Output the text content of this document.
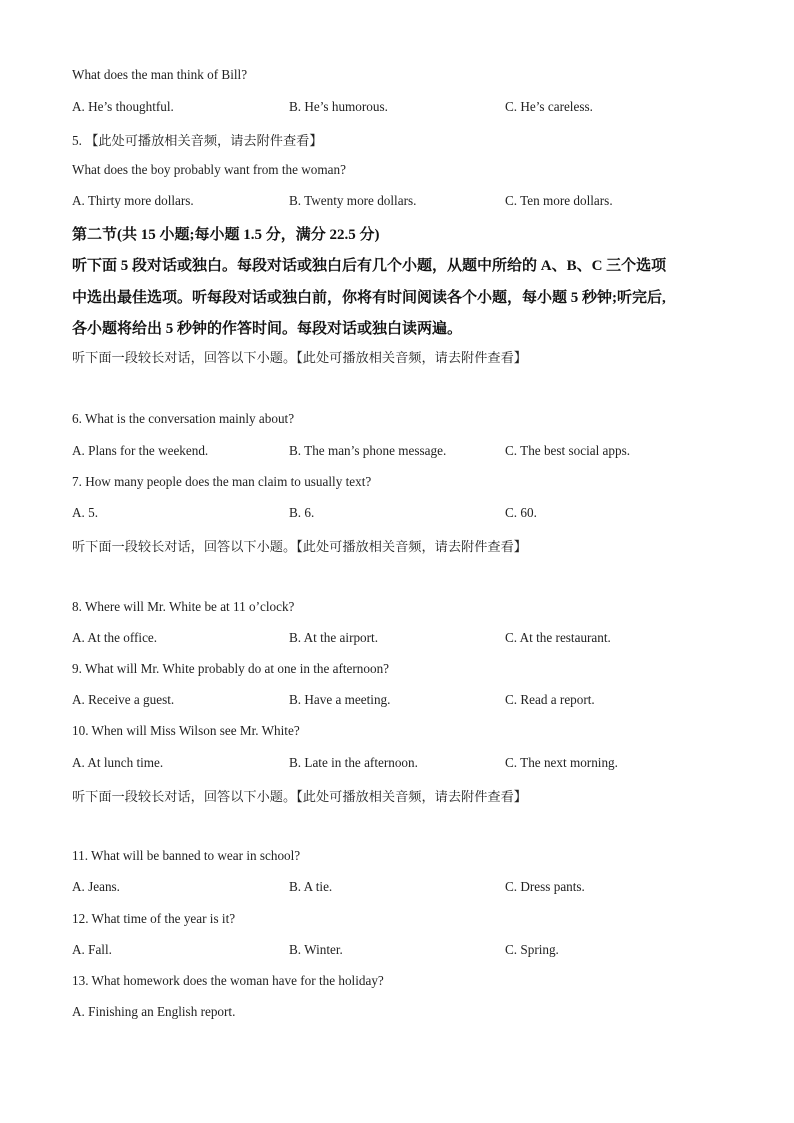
What does the man think of Bill?
A. He’s thoughtful.	B. He’s humorous.	C. He’s careless.
5. 【此处可播放相关音频，请去附件查看】
What does the boy probably want from the woman?
A. Thirty more dollars.	B. Twenty more dollars.	C. Ten more dollars.
第二节(共 15 小题;每小题 1.5 分，满分 22.5 分)
听下面 5 段对话或独白。每段对话或独白后有几个小题，从题中所给的 A、B、C 三个选项
中选出最佳选项。听每段对话或独白前，你将有时间阅读各个小题，每小题 5 秒钟;听完后,
各小题将给出 5 秒钟的作答时间。每段对话或独白读两遍。
听下面一段较长对话，回答以下小题。【此处可播放相关音频，请去附件查看】
6. What is the conversation mainly about?
A. Plans for the weekend.	B. The man’s phone message.	C. The best social apps.
7. How many people does the man claim to usually text?
A. 5.	B. 6.	C. 60.
听下面一段较长对话，回答以下小题。【此处可播放相关音频，请去附件查看】
8. Where will Mr. White be at 11 o’clock?
A. At the office.	B. At the airport.	C. At the restaurant.
9. What will Mr. White probably do at one in the afternoon?
A. Receive a guest.	B. Have a meeting.	C. Read a report.
10. When will Miss Wilson see Mr. White?
A. At lunch time.	B. Late in the afternoon.	C. The next morning.
听下面一段较长对话，回答以下小题。【此处可播放相关音频，请去附件查看】
11. What will be banned to wear in school?
A. Jeans.	B. A tie.	C. Dress pants.
12. What time of the year is it?
A. Fall.	B. Winter.	C. Spring.
13. What homework does the woman have for the holiday?
A. Finishing an English report.
